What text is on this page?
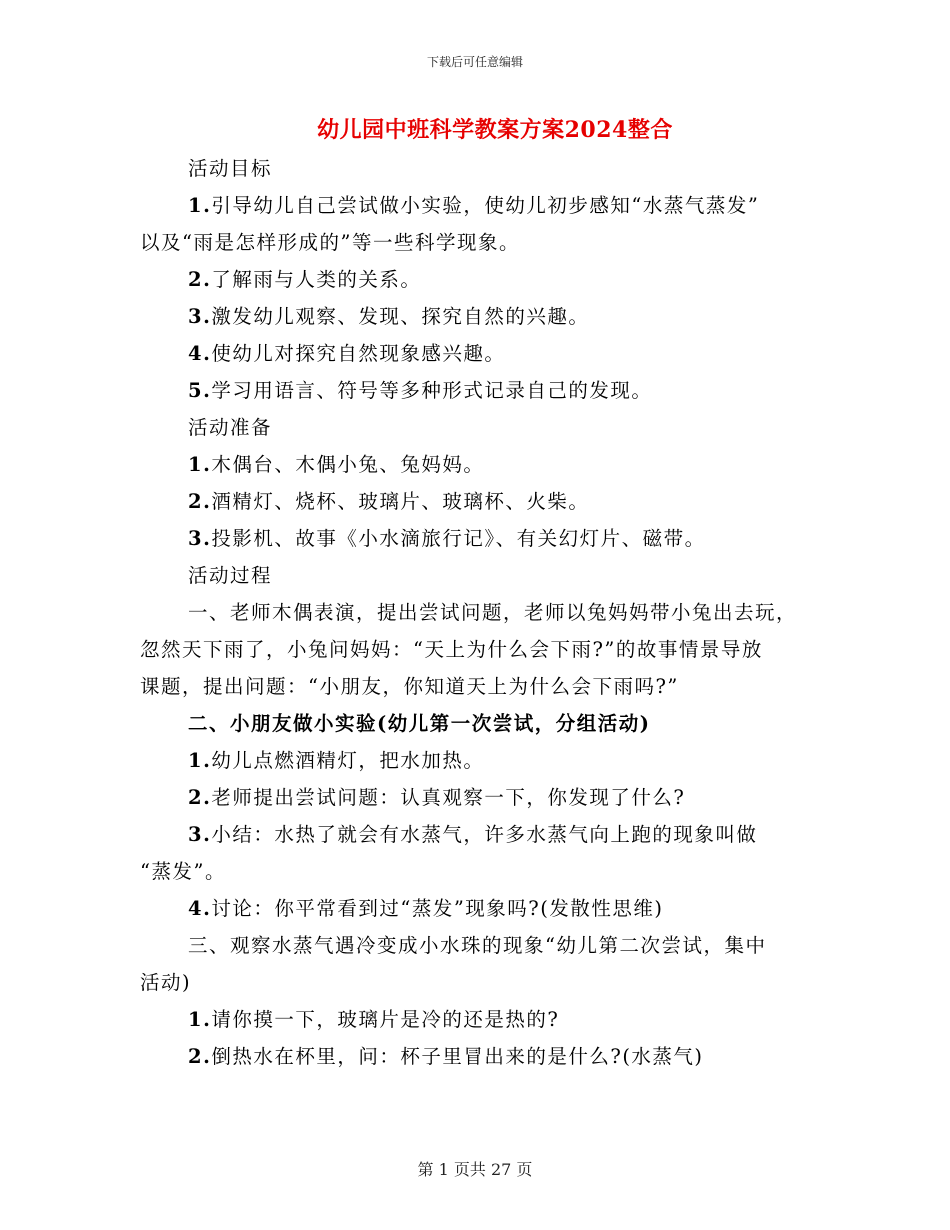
下载后可任意编辑
幼儿园中班科学教案方案2024整合
活动目标
1.引导幼儿自己尝试做小实验，使幼儿初步感知“水蒸气蒸发”
以及“雨是怎样形成的”等一些科学现象。
2.了解雨与人类的关系。
3.激发幼儿观察、发现、探究自然的兴趣。
4.使幼儿对探究自然现象感兴趣。
5.学习用语言、符号等多种形式记录自己的发现。
活动准备
1.木偶台、木偶小兔、兔妈妈。
2.酒精灯、烧杯、玻璃片、玻璃杯、火柴。
3.投影机、故事《小水滴旅行记》、有关幻灯片、磁带。
活动过程
一、老师木偶表演，提出尝试问题，老师以兔妈妈带小兔出去玩，
忽然天下雨了，小兔问妈妈：“天上为什么会下雨?”的故事情景导放
课题，提出问题：“小朋友，你知道天上为什么会下雨吗?”
二、小朋友做小实验(幼儿第一次尝试，分组活动)
1.幼儿点燃酒精灯，把水加热。
2.老师提出尝试问题：认真观察一下，你发现了什么?
3.小结：水热了就会有水蒸气，许多水蒸气向上跑的现象叫做
“蒸发”。
4.讨论：你平常看到过“蒸发”现象吗?(发散性思维)
三、观察水蒸气遇冷变成小水珠的现象“幼儿第二次尝试，集中
活动)
1.请你摸一下，玻璃片是冷的还是热的?
2.倒热水在杯里，问：杯子里冒出来的是什么?(水蒸气)
第 1 页共 27 页
